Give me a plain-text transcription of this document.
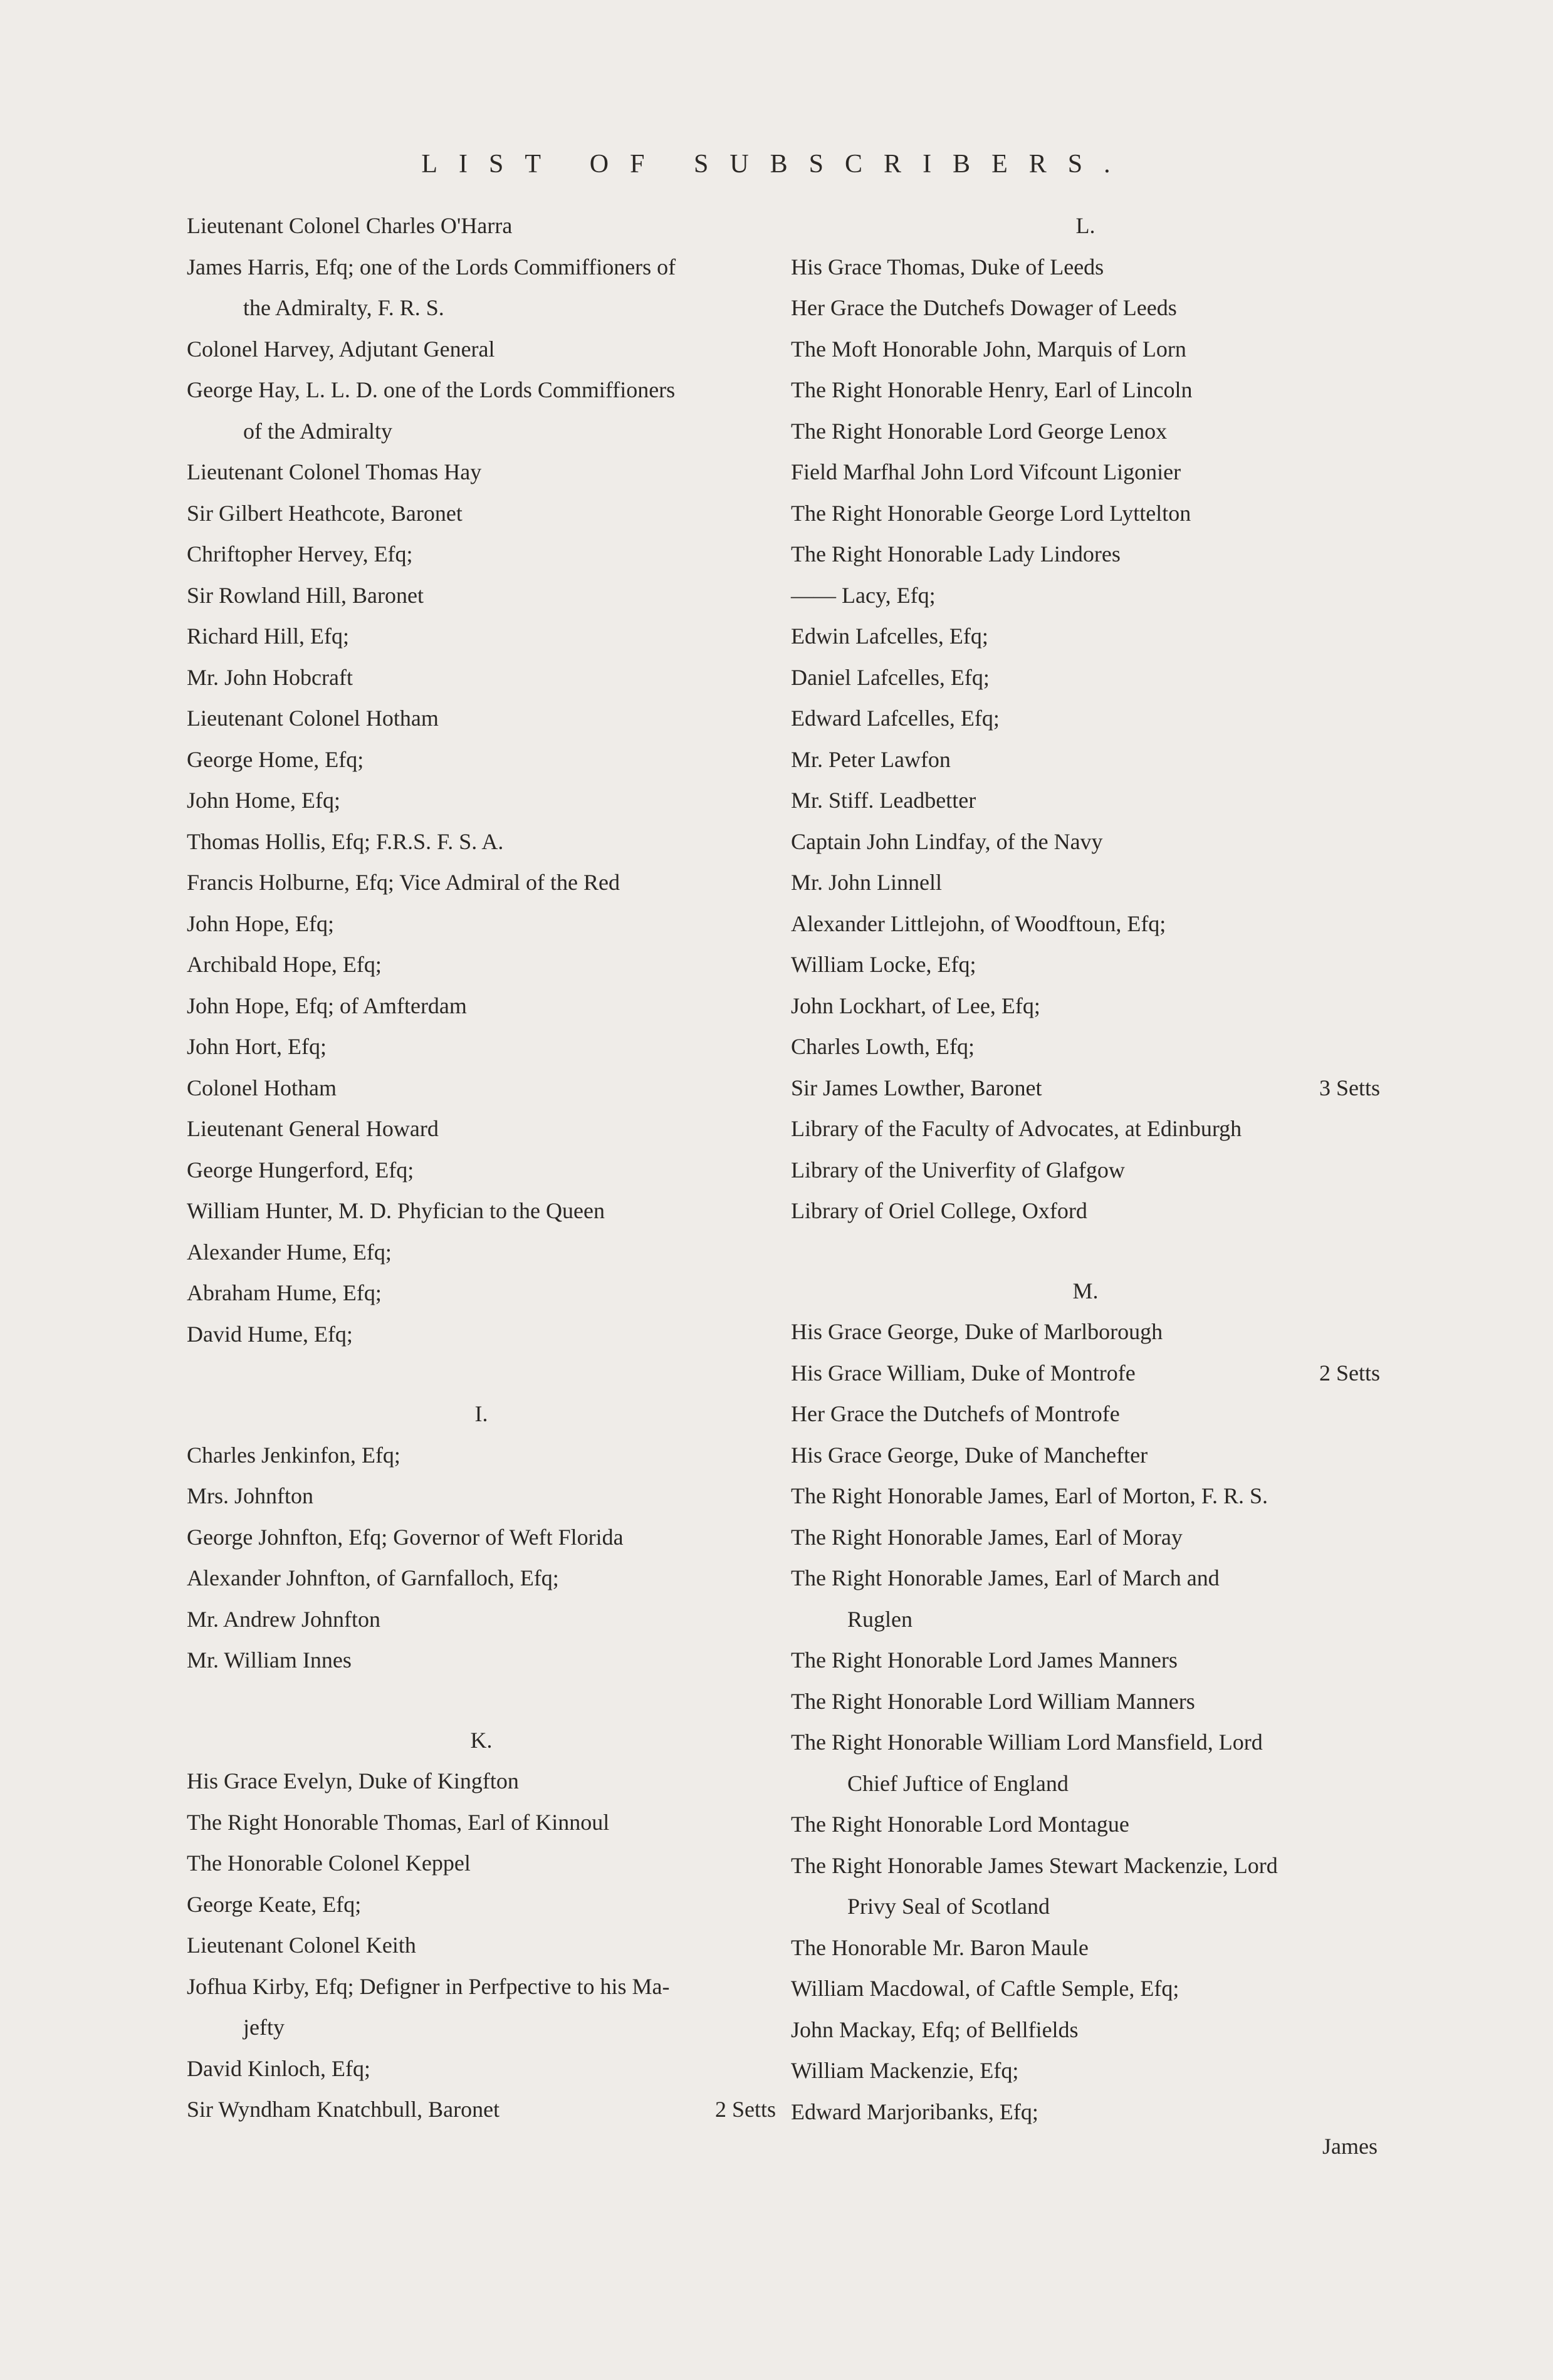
LIST OF SUBSCRIBERS.
Lieutenant Colonel Charles O'Harra
James Harris, Efq; one of the Lords Commiffioners of
the Admiralty, F. R. S.
Colonel Harvey, Adjutant General
George Hay, L. L. D. one of the Lords Commiffioners
of the Admiralty
Lieutenant Colonel Thomas Hay
Sir Gilbert Heathcote, Baronet
Chriftopher Hervey, Efq;
Sir Rowland Hill, Baronet
Richard Hill, Efq;
Mr. John Hobcraft
Lieutenant Colonel Hotham
George Home, Efq;
John Home, Efq;
Thomas Hollis, Efq; F.R.S. F. S. A.
Francis Holburne, Efq; Vice Admiral of the Red
John Hope, Efq;
Archibald Hope, Efq;
John Hope, Efq; of Amfterdam
John Hort, Efq;
Colonel Hotham
Lieutenant General Howard
George Hungerford, Efq;
William Hunter, M. D. Phyfician to the Queen
Alexander Hume, Efq;
Abraham Hume, Efq;
David Hume, Efq;
I.
Charles Jenkinfon, Efq;
Mrs. Johnfton
George Johnfton, Efq; Governor of Weft Florida
Alexander Johnfton, of Garnfalloch, Efq;
Mr. Andrew Johnfton
Mr. William Innes
K.
His Grace Evelyn, Duke of Kingfton
The Right Honorable Thomas, Earl of Kinnoul
The Honorable Colonel Keppel
George Keate, Efq;
Lieutenant Colonel Keith
Jofhua Kirby, Efq; Defigner in Perfpective to his Ma-
jefty
David Kinloch, Efq;
Sir Wyndham Knatchbull, Baronet	2 Setts
L.
His Grace Thomas, Duke of Leeds
Her Grace the Dutchefs Dowager of Leeds
The Moft Honorable John, Marquis of Lorn
The Right Honorable Henry, Earl of Lincoln
The Right Honorable Lord George Lenox
Field Marfhal John Lord Vifcount Ligonier
The Right Honorable George Lord Lyttelton
The Right Honorable Lady Lindores
—— Lacy, Efq;
Edwin Lafcelles, Efq;
Daniel Lafcelles, Efq;
Edward Lafcelles, Efq;
Mr. Peter Lawfon
Mr. Stiff. Leadbetter
Captain John Lindfay, of the Navy
Mr. John Linnell
Alexander Littlejohn, of Woodftoun, Efq;
William Locke, Efq;
John Lockhart, of Lee, Efq;
Charles Lowth, Efq;
Sir James Lowther, Baronet	3 Setts
Library of the Faculty of Advocates, at Edinburgh
Library of the Univerfity of Glafgow
Library of Oriel College, Oxford
M.
His Grace George, Duke of Marlborough
His Grace William, Duke of Montrofe	2 Setts
Her Grace the Dutchefs of Montrofe
His Grace George, Duke of Manchefter
The Right Honorable James, Earl of Morton, F. R. S.
The Right Honorable James, Earl of Moray
The Right Honorable James, Earl of March and
Ruglen
The Right Honorable Lord James Manners
The Right Honorable Lord William Manners
The Right Honorable William Lord Mansfield, Lord
Chief Juftice of England
The Right Honorable Lord Montague
The Right Honorable James Stewart Mackenzie, Lord
Privy Seal of Scotland
The Honorable Mr. Baron Maule
William Macdowal, of Caftle Semple, Efq;
John Mackay, Efq; of Bellfields
William Mackenzie, Efq;
Edward Marjoribanks, Efq;
James
